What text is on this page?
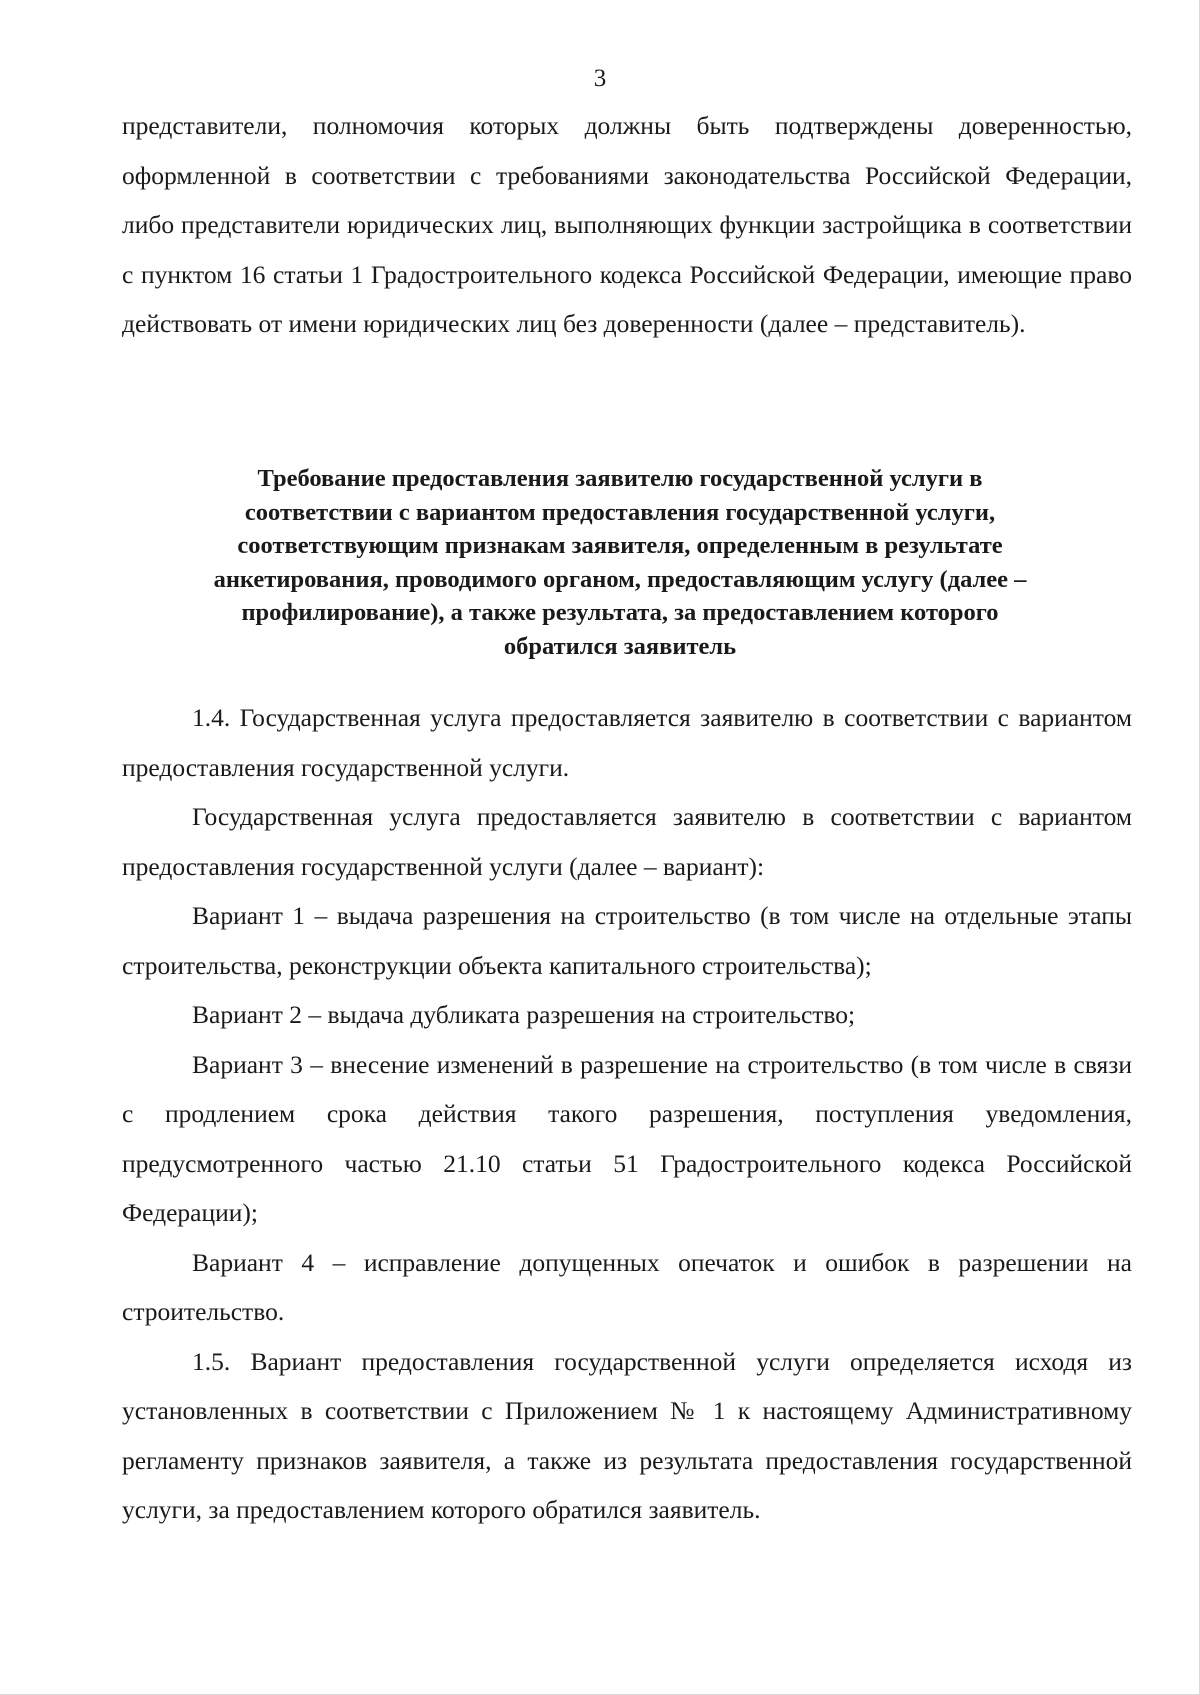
3

представители, полномочия которых должны быть подтверждены доверенностью, оформленной в соответствии с требованиями законодательства Российской Федерации, либо представители юридических лиц, выполняющих функции застройщика в соответствии с пунктом 16 статьи 1 Градостроительного кодекса Российской Федерации, имеющие право действовать от имени юридических лиц без доверенности (далее – представитель).

Требование предоставления заявителю государственной услуги в
соответствии с вариантом предоставления государственной услуги,
соответствующим признакам заявителя, определенным в результате
анкетирования, проводимого органом, предоставляющим услугу (далее –
профилирование), а также результата, за предоставлением которого
обратился заявитель

1.4. Государственная услуга предоставляется заявителю в соответствии с вариантом предоставления государственной услуги.

Государственная услуга предоставляется заявителю в соответствии с вариантом предоставления государственной услуги (далее – вариант):

Вариант 1 – выдача разрешения на строительство (в том числе на отдельные этапы строительства, реконструкции объекта капитального строительства);

Вариант 2 – выдача дубликата разрешения на строительство;

Вариант 3 – внесение изменений в разрешение на строительство (в том числе в связи с продлением срока действия такого разрешения, поступления уведомления, предусмотренного частью 21.10 статьи 51 Градостроительного кодекса Российской Федерации);

Вариант 4 – исправление допущенных опечаток и ошибок в разрешении на строительство.

1.5. Вариант предоставления государственной услуги определяется исходя из установленных в соответствии с Приложением № 1 к настоящему Административному регламенту признаков заявителя, а также из результата предоставления государственной услуги, за предоставлением которого обратился заявитель.
